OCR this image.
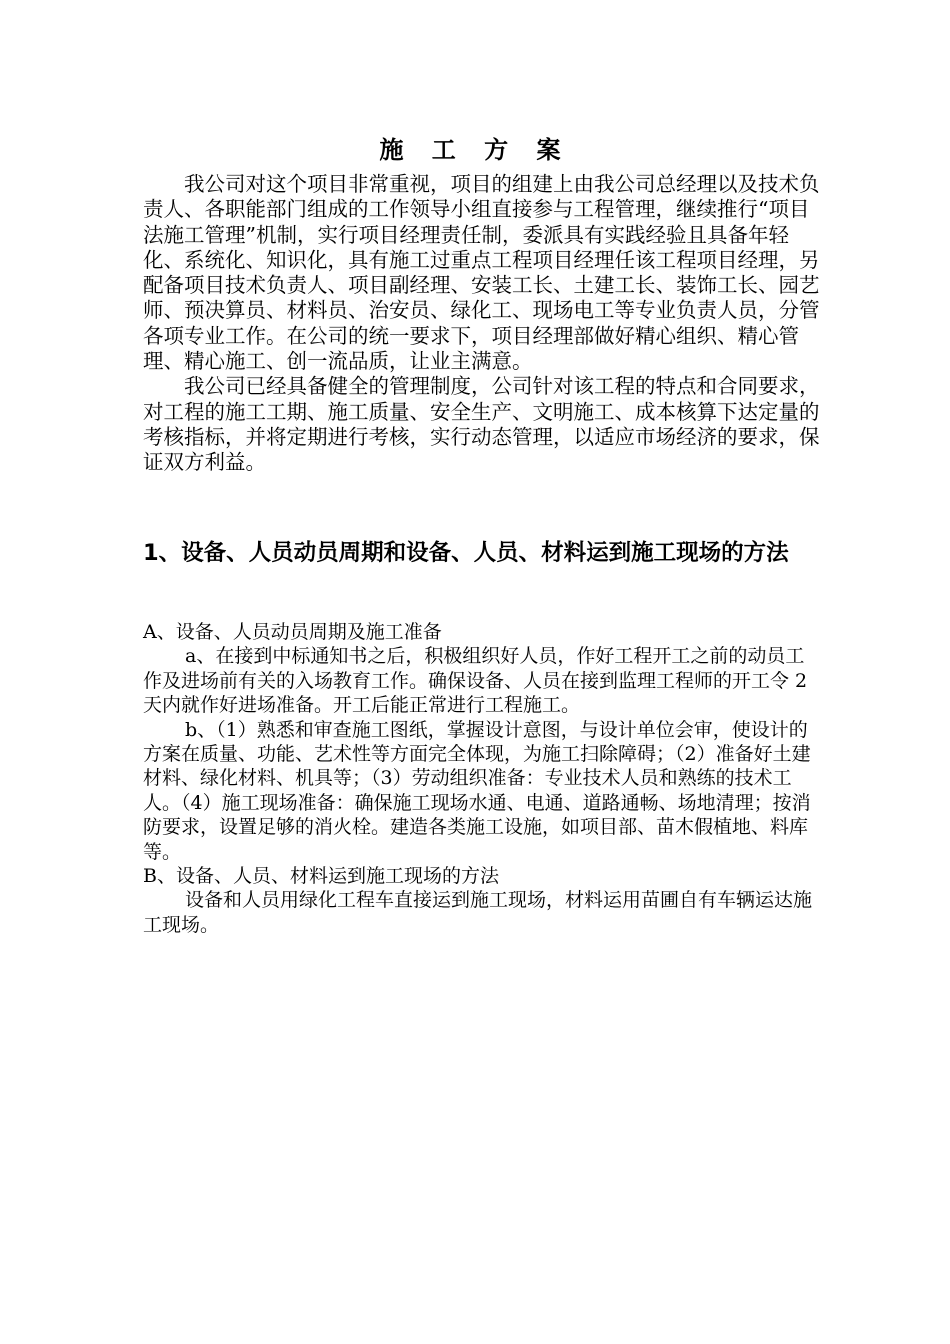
施 工 方 案

我公司对这个项目非常重视，项目的组建上由我公司总经理以及技术负责人、各职能部门组成的工作领导小组直接参与工程管理，继续推行“项目法施工管理”机制，实行项目经理责任制，委派具有实践经验且具备年轻化、系统化、知识化，具有施工过重点工程项目经理任该工程项目经理，另配备项目技术负责人、项目副经理、安装工长、土建工长、装饰工长、园艺师、预决算员、材料员、治安员、绿化工、现场电工等专业负责人员，分管各项专业工作。在公司的统一要求下，项目经理部做好精心组织、精心管理、精心施工、创一流品质，让业主满意。

我公司已经具备健全的管理制度，公司针对该工程的特点和合同要求，对工程的施工工期、施工质量、安全生产、文明施工、成本核算下达定量的考核指标，并将定期进行考核，实行动态管理，以适应市场经济的要求，保证双方利益。

1、设备、人员动员周期和设备、人员、材料运到施工现场的方法

A、设备、人员动员周期及施工准备

a、在接到中标通知书之后，积极组织好人员，作好工程开工之前的动员工作及进场前有关的入场教育工作。确保设备、人员在接到监理工程师的开工令 2 天内就作好进场准备。开工后能正常进行工程施工。

b、（1）熟悉和审查施工图纸，掌握设计意图，与设计单位会审，使设计的方案在质量、功能、艺术性等方面完全体现，为施工扫除障碍；（2）准备好土建材料、绿化材料、机具等；（3）劳动组织准备：专业技术人员和熟练的技术工人。（4）施工现场准备：确保施工现场水通、电通、道路通畅、场地清理；按消防要求，设置足够的消火栓。建造各类施工设施，如项目部、苗木假植地、料库等。

B、设备、人员、材料运到施工现场的方法

设备和人员用绿化工程车直接运到施工现场，材料运用苗圃自有车辆运达施工现场。
